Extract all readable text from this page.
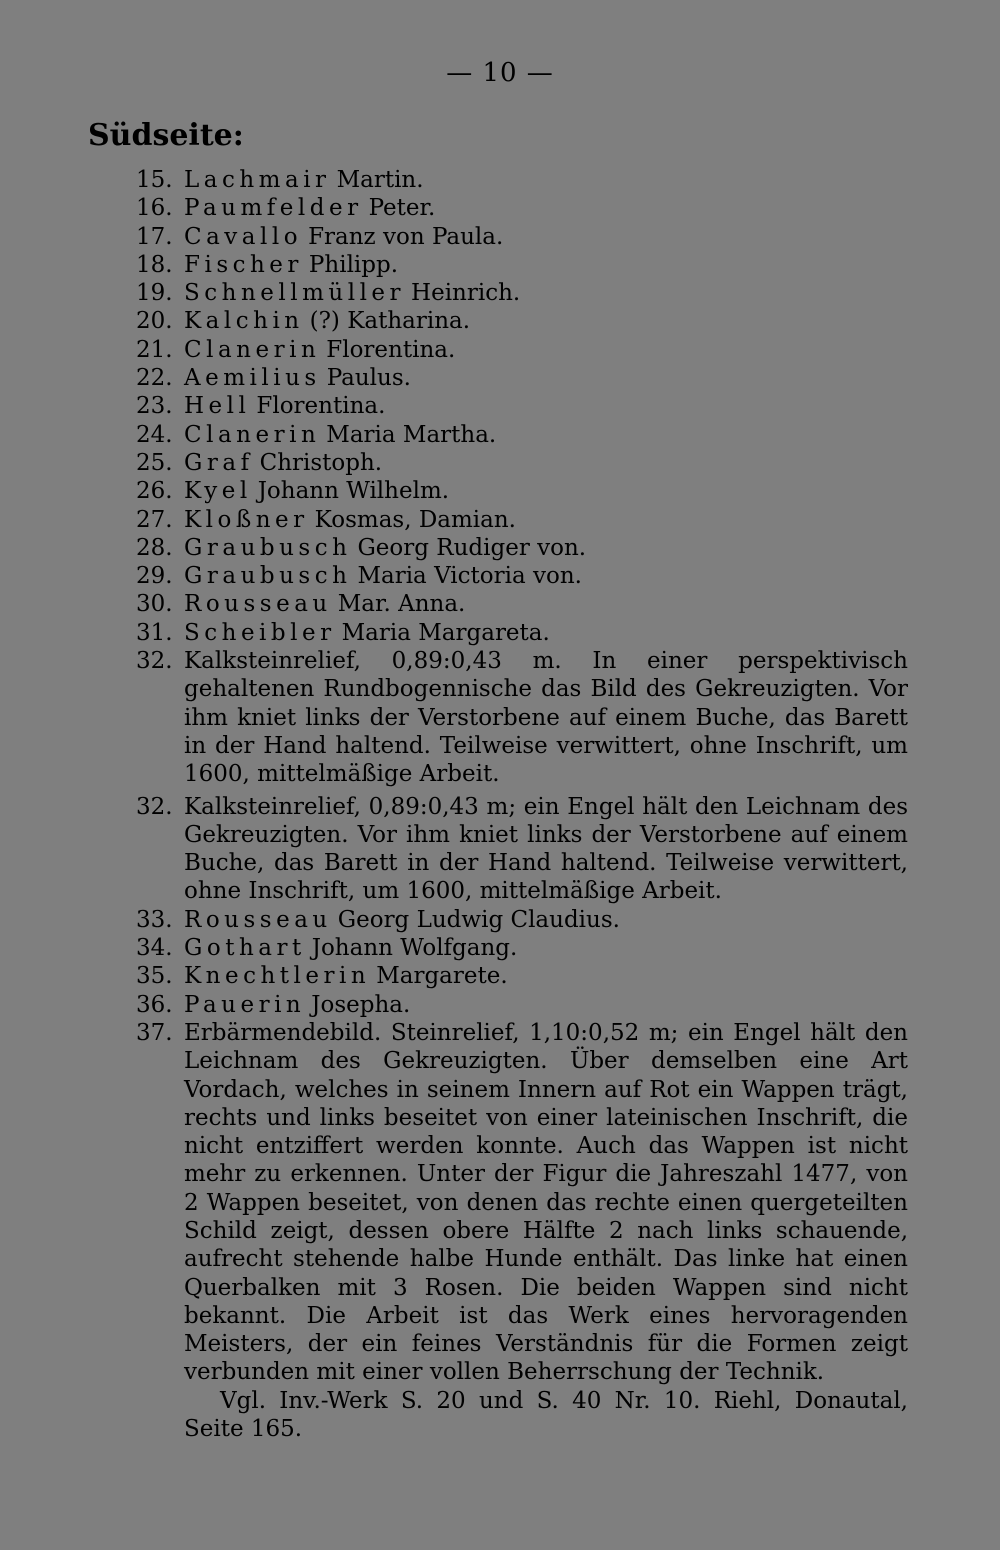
— 10 —
Südseite:
15. Lachmair Martin.
16. Paumfelder Peter.
17. Cavallo Franz von Paula.
18. Fischer Philipp.
19. Schnellmüller Heinrich.
20. Kalchin (?) Katharina.
21. Clanerin Florentina.
22. Aemilius Paulus.
23. Hell Florentina.
24. Clanerin Maria Martha.
25. Graf Christoph.
26. Kyel Johann Wilhelm.
27. Kloßner Kosmas, Damian.
28. Graubusch Georg Rudiger von.
29. Graubusch Maria Victoria von.
30. Rousseau Mar. Anna.
31. Scheibler Maria Margareta.
32. Kalksteinrelief, 0,89:0,43 m. In einer perspektivisch gehaltenen Rundbogennische das Bild des Gekreuzigten. Vor ihm kniet links der Verstorbene auf einem Buche, das Barett in der Hand haltend. Teilweise verwittert, ohne Inschrift, um 1600, mittelmäßige Arbeit.
32. Kalksteinrelief, 0,89:0,43 m; ein Engel hält den Leichnam des Gekreuzigten. Vor ihm kniet links der Verstorbene auf einem Buche, das Barett in der Hand haltend. Teilweise verwittert, ohne Inschrift, um 1600, mittelmäßige Arbeit.
33. Rousseau Georg Ludwig Claudius.
34. Gothart Johann Wolfgang.
35. Knechtlerin Margarete.
36. Pauerin Josepha.
37. Erbärmendebild. Steinrelief, 1,10:0,52 m; ein Engel hält den Leichnam des Gekreuzigten. Über demselben eine Art Vordach, welches in seinem Innern auf Rot ein Wappen trägt, rechts und links beseitet von einer lateinischen Inschrift, die nicht entziffert werden konnte. Auch das Wappen ist nicht mehr zu erkennen. Unter der Figur die Jahreszahl 1477, von 2 Wappen beseitet, von denen das rechte einen quergeteilten Schild zeigt, dessen obere Hälfte 2 nach links schauende, aufrecht stehende halbe Hunde enthält. Das linke hat einen Querbalken mit 3 Rosen. Die beiden Wappen sind nicht bekannt. Die Arbeit ist das Werk eines hervoragenden Meisters, der ein feines Verständnis für die Formen zeigt verbunden mit einer vollen Beherrschung der Technik.
Vgl. Inv.-Werk S. 20 und S. 40 Nr. 10. Riehl, Donautal, Seite 165.
